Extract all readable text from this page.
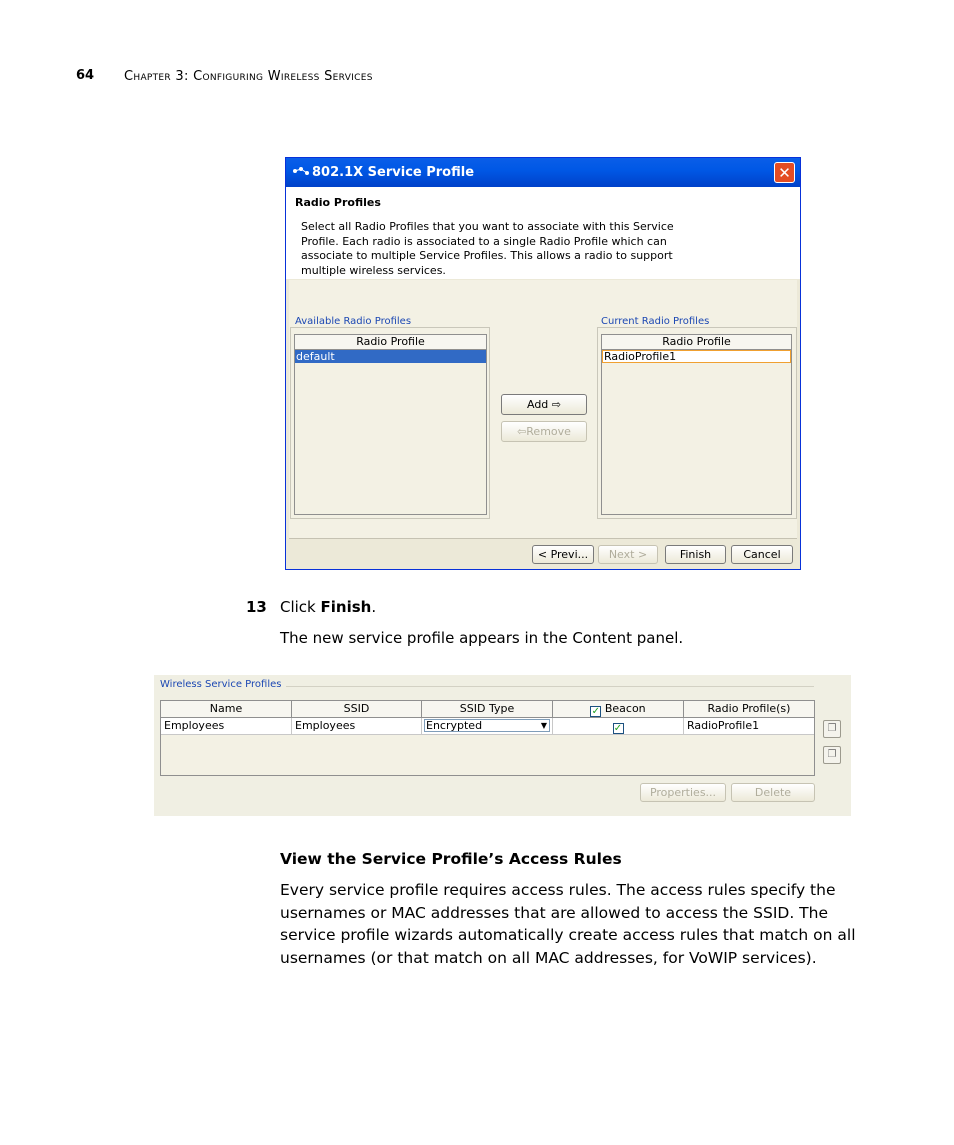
64 Chapter 3: Configuring Wireless Services
802.1X Service Profile	✕
Radio Profiles
Select all Radio Profiles that you want to associate with this Service Profile. Each radio is associated to a single Radio Profile which can associate to multiple Service Profiles. This allows a radio to support multiple wireless services.
Available Radio Profiles
Radio Profile
default
Add ⇨
⇦Remove
Current Radio Profiles
Radio Profile
RadioProfile1
< Previ...	Next >	Finish	Cancel
13 Click Finish.
The new service profile appears in the Content panel.
Wireless Service Profiles
Name	SSID	SSID Type	✓ Beacon	Radio Profile(s)
Employees	Employees	Encrypted	▼	✓	RadioProfile1	❐
❐
Properties...	Delete
View the Service Profile’s Access Rules
Every service profile requires access rules. The access rules specify the usernames or MAC addresses that are allowed to access the SSID. The service profile wizards automatically create access rules that match on all usernames (or that match on all MAC addresses, for VoWIP services).
